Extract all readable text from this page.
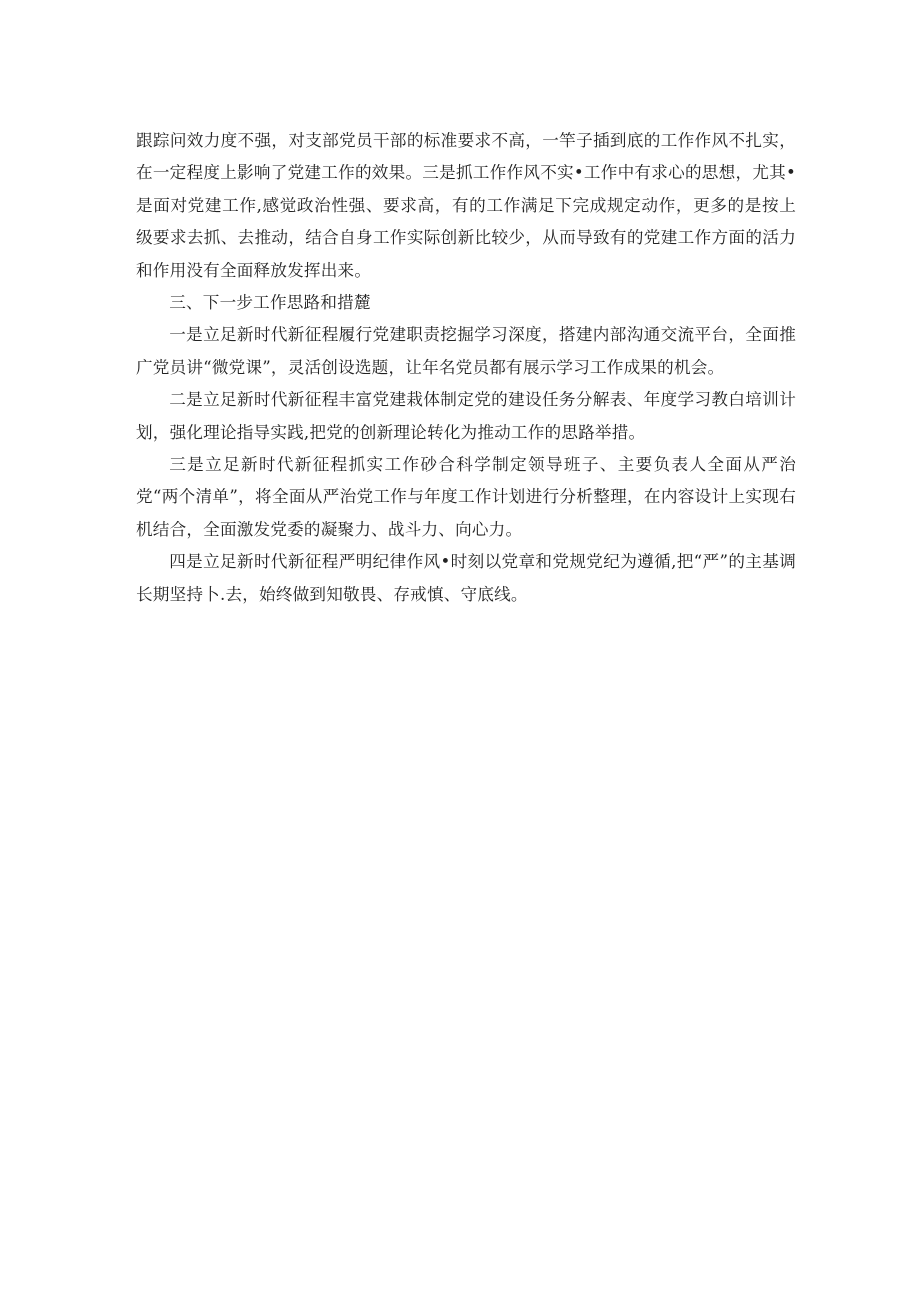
跟踪问效力度不强，对支部党员干部的标准要求不高，一竿子插到底的工作作风不扎实，在一定程度上影响了党建工作的效果。三是抓工作作风不实•工作中有求心的思想，尤其•是面对党建工作,感觉政治性强、要求高，有的工作满足下完成规定动作，更多的是按上级要求去抓、去推动，结合自身工作实际创新比较少，从而导致有的党建工作方面的活力和作用没有全面释放发挥出来。

三、下一步工作思路和措麓

一是立足新时代新征程履行党建职责挖掘学习深度，搭建内部沟通交流平台，全面推广党员讲“微党课”，灵活创设选题，让年名党员都有展示学习工作成果的机会。

二是立足新时代新征程丰富党建栽体制定党的建设任务分解表、年度学习教白培训计划，强化理论指导实践,把党的创新理论转化为推动工作的思路举措。

三是立足新时代新征程抓实工作砂合科学制定领导班子、主要负表人全面从严治党“两个清单”，将全面从严治党工作与年度工作计划进行分析整理，在内容设计上实现右机结合，全面激发党委的凝聚力、战斗力、向心力。

四是立足新时代新征程严明纪律作风•时刻以党章和党规党纪为遵循,把“严”的主基调长期坚持卜.去，始终做到知敬畏、存戒慎、守底线。
